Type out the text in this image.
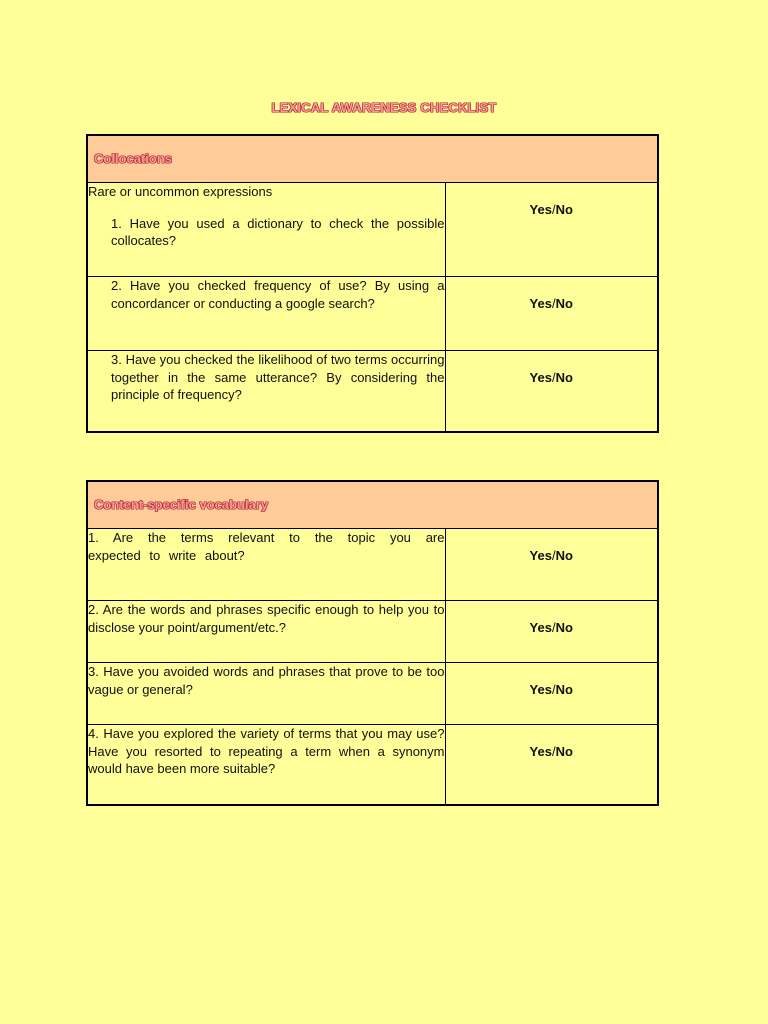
LEXICAL AWARENESS CHECKLIST
Collocations	

Rare or uncommon expressions

1. Have you used a dictionary to check the possible collocates?	Yes/No

2. Have you checked frequency of use? By using a concordancer or conducting a google search?	Yes/No

3. Have you checked the likelihood of two terms occurring together in the same utterance? By considering the principle of frequency?	Yes/No
Content-specific vocabulary	

1. Are the terms relevant to the topic you are expected to write about?	Yes/No

2. Are the words and phrases specific enough to help you to disclose your point/argument/etc.?	Yes/No

3. Have you avoided words and phrases that prove to be too vague or general?	Yes/No

4. Have you explored the variety of terms that you may use? Have you resorted to repeating a term when a synonym would have been more suitable?	Yes/No
